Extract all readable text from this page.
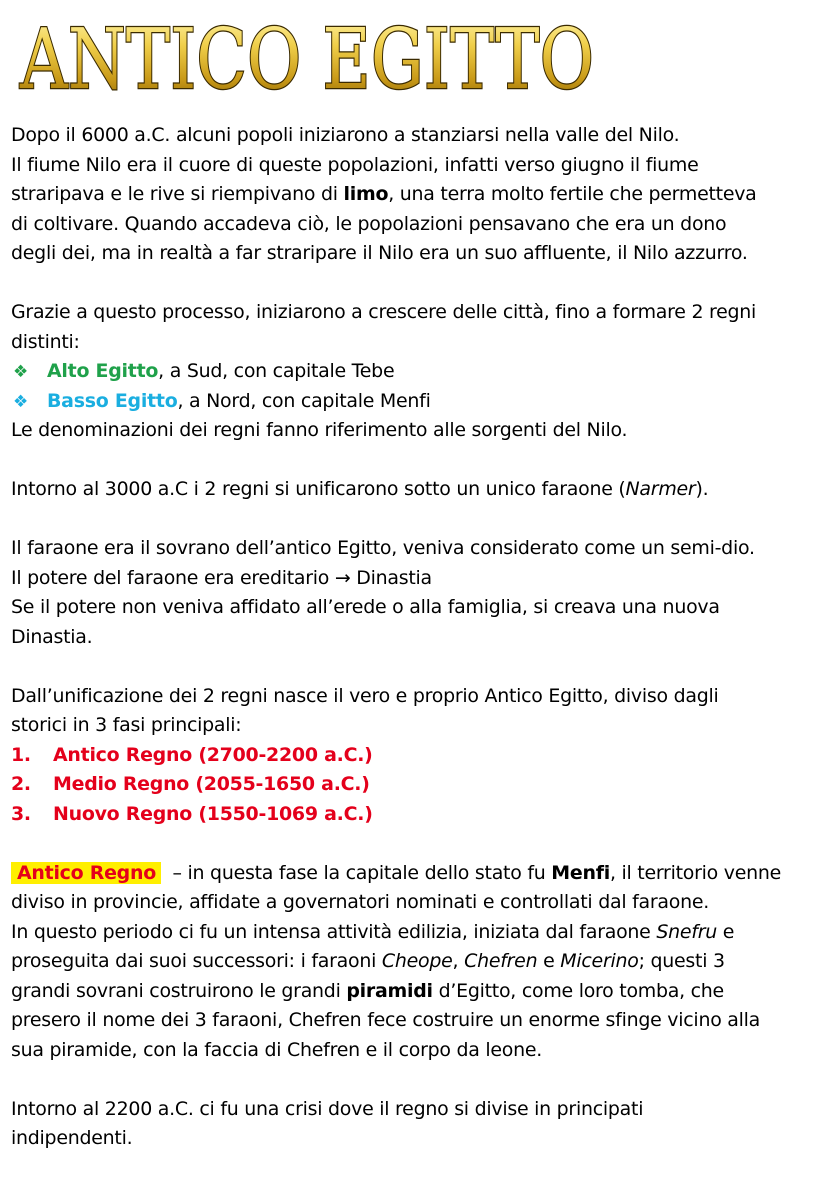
ANTICO EGITTO
Dopo il 6000 a.C. alcuni popoli iniziarono a stanziarsi nella valle del Nilo.
Il fiume Nilo era il cuore di queste popolazioni, infatti verso giugno il fiume
straripava e le rive si riempivano di limo, una terra molto fertile che permetteva
di coltivare. Quando accadeva ciò, le popolazioni pensavano che era un dono
degli dei, ma in realtà a far straripare il Nilo era un suo affluente, il Nilo azzurro.
Grazie a questo processo, iniziarono a crescere delle città, fino a formare 2 regni
distinti:
❖ Alto Egitto, a Sud, con capitale Tebe
❖ Basso Egitto, a Nord, con capitale Menfi
Le denominazioni dei regni fanno riferimento alle sorgenti del Nilo.
Intorno al 3000 a.C i 2 regni si unificarono sotto un unico faraone (Narmer).
Il faraone era il sovrano dell’antico Egitto, veniva considerato come un semi-dio.
Il potere del faraone era ereditario → Dinastia
Se il potere non veniva affidato all’erede o alla famiglia, si creava una nuova
Dinastia.
Dall’unificazione dei 2 regni nasce il vero e proprio Antico Egitto, diviso dagli
storici in 3 fasi principali:
1. Antico Regno (2700-2200 a.C.)
2. Medio Regno (2055-1650 a.C.)
3. Nuovo Regno (1550-1069 a.C.)
Antico Regno  – in questa fase la capitale dello stato fu Menfi, il territorio venne
diviso in provincie, affidate a governatori nominati e controllati dal faraone.
In questo periodo ci fu un intensa attività edilizia, iniziata dal faraone Snefru e
proseguita dai suoi successori: i faraoni Cheope, Chefren e Micerino; questi 3
grandi sovrani costruirono le grandi piramidi d’Egitto, come loro tomba, che
presero il nome dei 3 faraoni, Chefren fece costruire un enorme sfinge vicino alla
sua piramide, con la faccia di Chefren e il corpo da leone.
Intorno al 2200 a.C. ci fu una crisi dove il regno si divise in principati
indipendenti.
